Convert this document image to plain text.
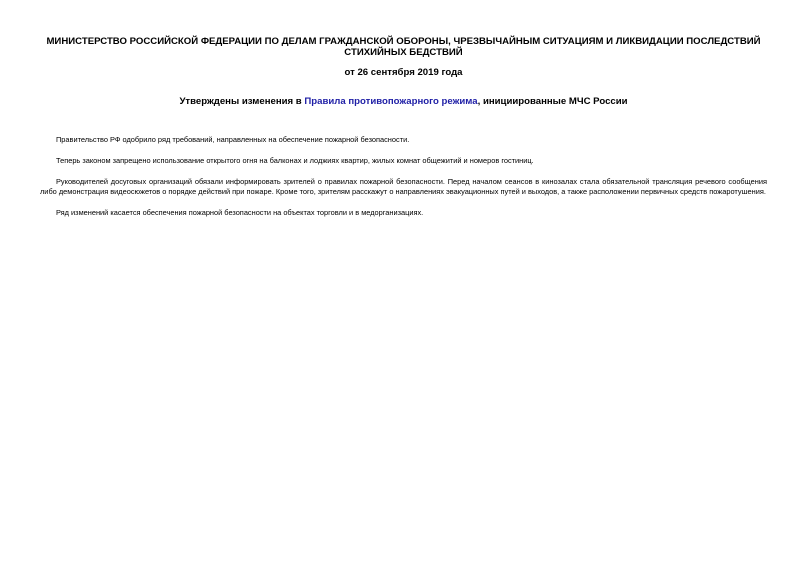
МИНИСТЕРСТВО РОССИЙСКОЙ ФЕДЕРАЦИИ ПО ДЕЛАМ ГРАЖДАНСКОЙ ОБОРОНЫ, ЧРЕЗВЫЧАЙНЫМ СИТУАЦИЯМ И ЛИКВИДАЦИИ ПОСЛЕДСТВИЙ СТИХИЙНЫХ БЕДСТВИЙ
от 26 сентября 2019 года
Утверждены изменения в Правила противопожарного режима, инициированные МЧС России

Правительство РФ одобрило ряд требований, направленных на обеспечение пожарной безопасности.

Теперь законом запрещено использование открытого огня на балконах и лоджиях квартир, жилых комнат общежитий и номеров гостиниц.

Руководителей досуговых организаций обязали информировать зрителей о правилах пожарной безопасности. Перед началом сеансов в кинозалах стала обязательной трансляция речевого сообщения либо демонстрация видеосюжетов о порядке действий при пожаре. Кроме того, зрителям расскажут о направлениях эвакуационных путей и выходов, а также расположении первичных средств пожаротушения.

Ряд изменений касается обеспечения пожарной безопасности на объектах торговли и в медорганизациях.
